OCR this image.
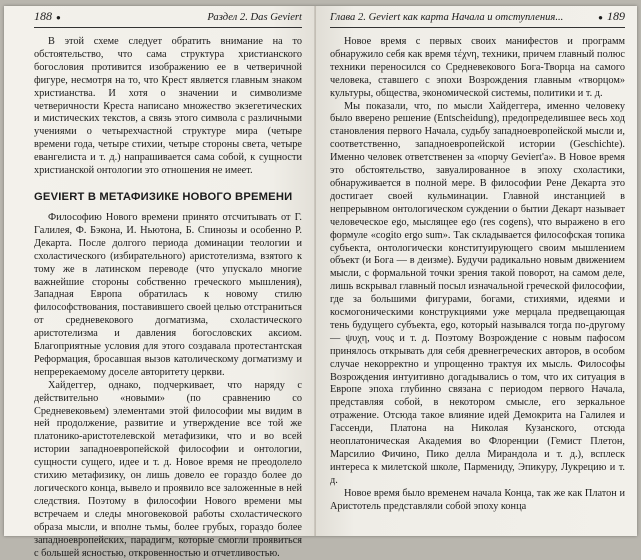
188 ●	Раздел 2. Das Geviert

В этой схеме следует обратить внимание на то обстоятельство, что сама структура христианского богословия противится изображению ее в четверичной фигуре, несмотря на то, что Крест является главным знаком христианства. И хотя о значении и символизме четверичности Креста написано множество экзегетических и мистических текстов, а связь этого символа с различными учениями о четырехчастной структуре мира (четыре времени года, четыре стихии, четыре стороны света, четыре евангелиста и т. д.) напрашивается сама собой, к сущности христианской онтологии это отношения не имеет.

GEVIERT В МЕТАФИЗИКЕ НОВОГО ВРЕМЕНИ

Философию Нового времени принято отсчитывать от Г. Галилея, Ф. Бэкона, И. Ньютона, Б. Спинозы и особенно Р. Декарта. После долгого периода доминации теологии и схоластического (избирательного) аристотелизма, взятого к тому же в латинском переводе (что упускало многие важнейшие стороны собственно греческого мышления), Западная Европа обратилась к новому стилю философствования, поставившего своей целью отстраниться от средневекового догматизма, схоластического аристотелизма и давления богословских аксиом. Благоприятные условия для этого создавала протестантская Реформация, бросавшая вызов католическому догматизму и непререкаемому доселе авторитету церкви.

Хайдеггер, однако, подчеркивает, что наряду с действительно «новыми» (по сравнению со Средневековьем) элементами этой философии мы видим в ней продолжение, развитие и утверждение все той же платонико-аристотелевской метафизики, что и во всей истории западноевропейской философии и онтологии, сущности сущего, идее и т. д. Новое время не преодолело стихию метафизику, он лишь довело ее гораздо более до логического конца, вывело и проявило все заложенные в ней следствия. Поэтому в философии Нового времени мы встречаем и следы многовековой работы схоластического образа мысли, и вполне тьмы, более грубых, гораздо более западноевропейских, парадигм, которые смогли проявиться с большей ясностью, откровенностью и отчетливостью.

Глава 2. Geviert как карта Начала и отступления...	● 189

Новое время с первых своих манифестов и программ обнаружило себя как время τέχνη, техники, причем главный полюс техники переносился со Средневекового Бога-Творца на самого человека, ставшего с эпохи Возрождения главным «творцом» культуры, общества, экономической системы, политики и т. д.

Мы показали, что, по мысли Хайдеггера, именно человеку было вверено решение (Entscheidung), предопределившее весь ход становления первого Начала, судьбу западноевропейской мысли и, соответственно, западноевропейской истории (Geschichte). Именно человек ответственен за «порчу Geviert'а». В Новое время это обстоятельство, завуалированное в эпоху схоластики, обнаруживается в полной мере. В философии Рене Декарта это достигает своей кульминации. Главной инстанцией в непрерывном онтологическом суждении о бытии Декарт называет человеческое ego, мыслящее ego (res cogens), что выражено в его формуле «cogito ergo sum». Так складывается философская топика субъекта, онтологически конституирующего своим мышлением объект (и Бога — в деизме). Будучи радикально новым движением мысли, с формальной точки зрения такой поворот, на самом деле, лишь вскрывал главный посыл изначальной греческой философии, где за большими фигурами, богами, стихиями, идеями и космогоническими конструкциями уже мерцала предвещающая тень будущего субъекта, ego, который назывался тогда по-другому — ψυχη, νους и т. д. Поэтому Возрождение с новым пафосом принялось открывать для себя древнегреческих авторов, в особом случае некорректно и упрощенно трактуя их мысль. Философы Возрождения интуитивно догадывались о том, что их ситуация в Европе эпоха глубинно связана с периодом первого Начала, представляя собой, в некотором смысле, его зеркальное отражение. Отсюда такое влияние идей Демокрита на Галилея и Гассенди, Платона на Николая Кузанского, отсюда неоплатоническая Академия во Флоренции (Гемист Плетон, Марсилио Фичино, Пико делла Мирандола и т. д.), всплеск интереса к милетской школе, Пармениду, Эпикуру, Лукрецию и т. д.

Новое время было временем начала Конца, так же как Платон и Аристотель представляли собой эпоху конца
